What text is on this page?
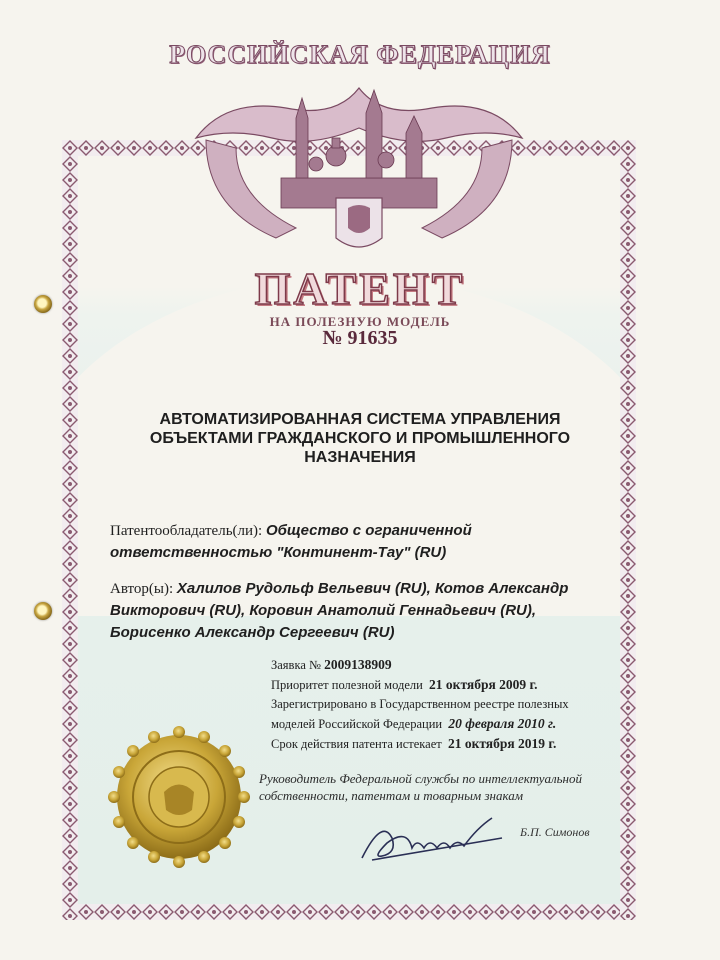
РОССИЙСКАЯ ФЕДЕРАЦИЯ
ПАТЕНТ
НА ПОЛЕЗНУЮ МОДЕЛЬ
№ 91635
АВТОМАТИЗИРОВАННАЯ СИСТЕМА УПРАВЛЕНИЯ
ОБЪЕКТАМИ ГРАЖДАНСКОГО И ПРОМЫШЛЕННОГО
НАЗНАЧЕНИЯ
Патентообладатель(ли): Общество с ограниченной
ответственностью "Континент-Тау" (RU)
Автор(ы): Халилов Рудольф Вельевич (RU), Котов Александр
Викторович (RU), Коровин Анатолий Геннадьевич (RU),
Борисенко Александр Сергеевич (RU)
Заявка № 2009138909
Приоритет полезной модели 21 октября 2009 г.
Зарегистрировано в Государственном реестре полезных
моделей Российской Федерации 20 февраля 2010 г.
Срок действия патента истекает 21 октября 2019 г.
Руководитель Федеральной службы по интеллектуальной
собственности, патентам и товарным знакам
Б.П. Симонов
